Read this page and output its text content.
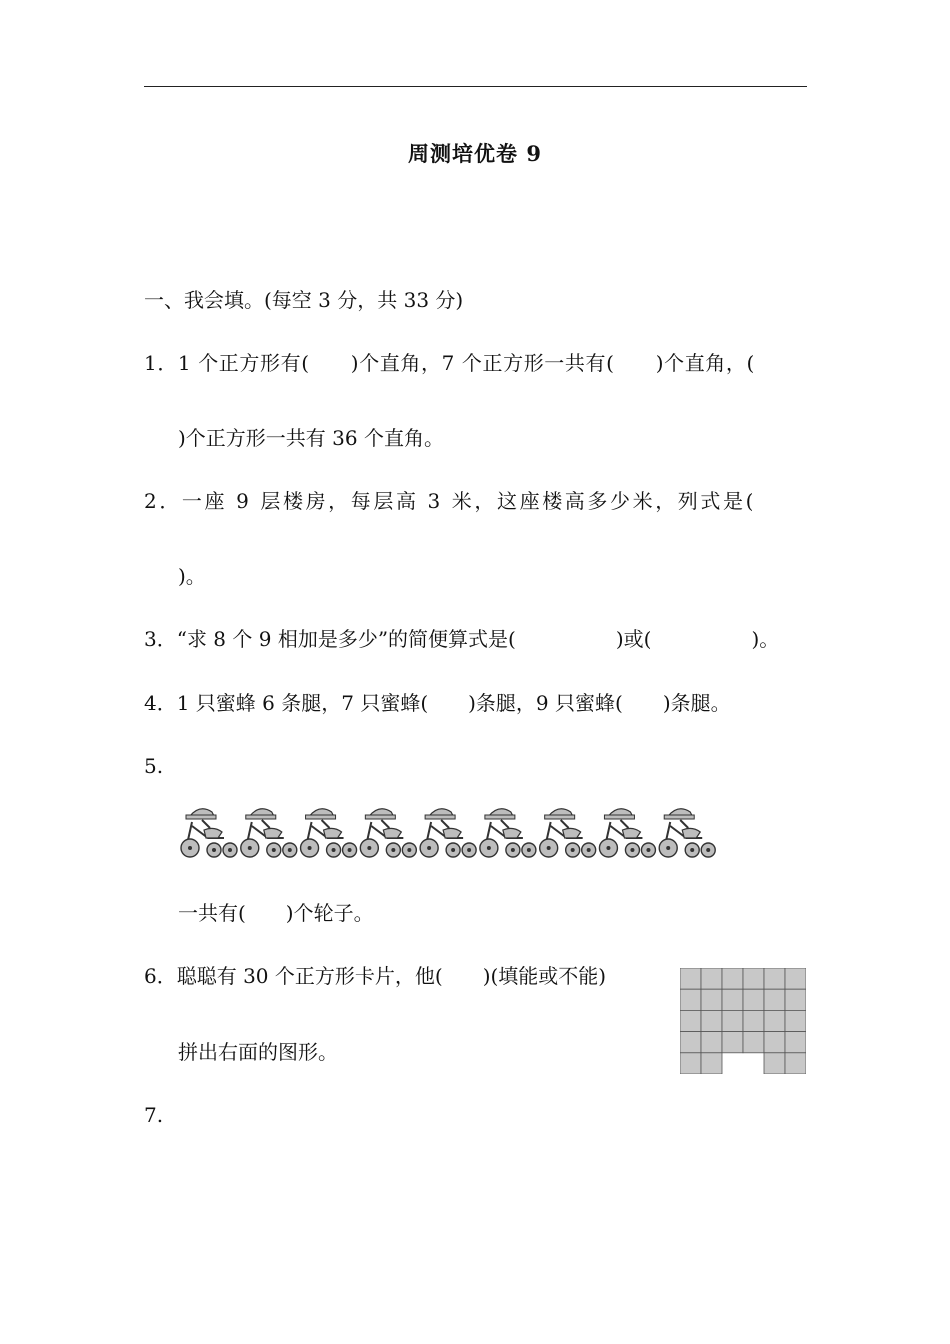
周测培优卷 9
一、我会填。(每空 3 分，共 33 分)
1．1 个正方形有(　　)个直角，7 个正方形一共有(　　)个直角，(
)个正方形一共有 36 个直角。
2．一座 9 层楼房，每层高 3 米，这座楼高多少米，列式是(
)。
3．“求 8 个 9 相加是多少”的简便算式是(　　　　　)或(　　　　　)。
4．1 只蜜蜂 6 条腿，7 只蜜蜂(　　)条腿，9 只蜜蜂(　　)条腿。
5.
一共有(　　)个轮子。
6．聪聪有 30 个正方形卡片，他(　　)(填能或不能)
拼出右面的图形。
7.
